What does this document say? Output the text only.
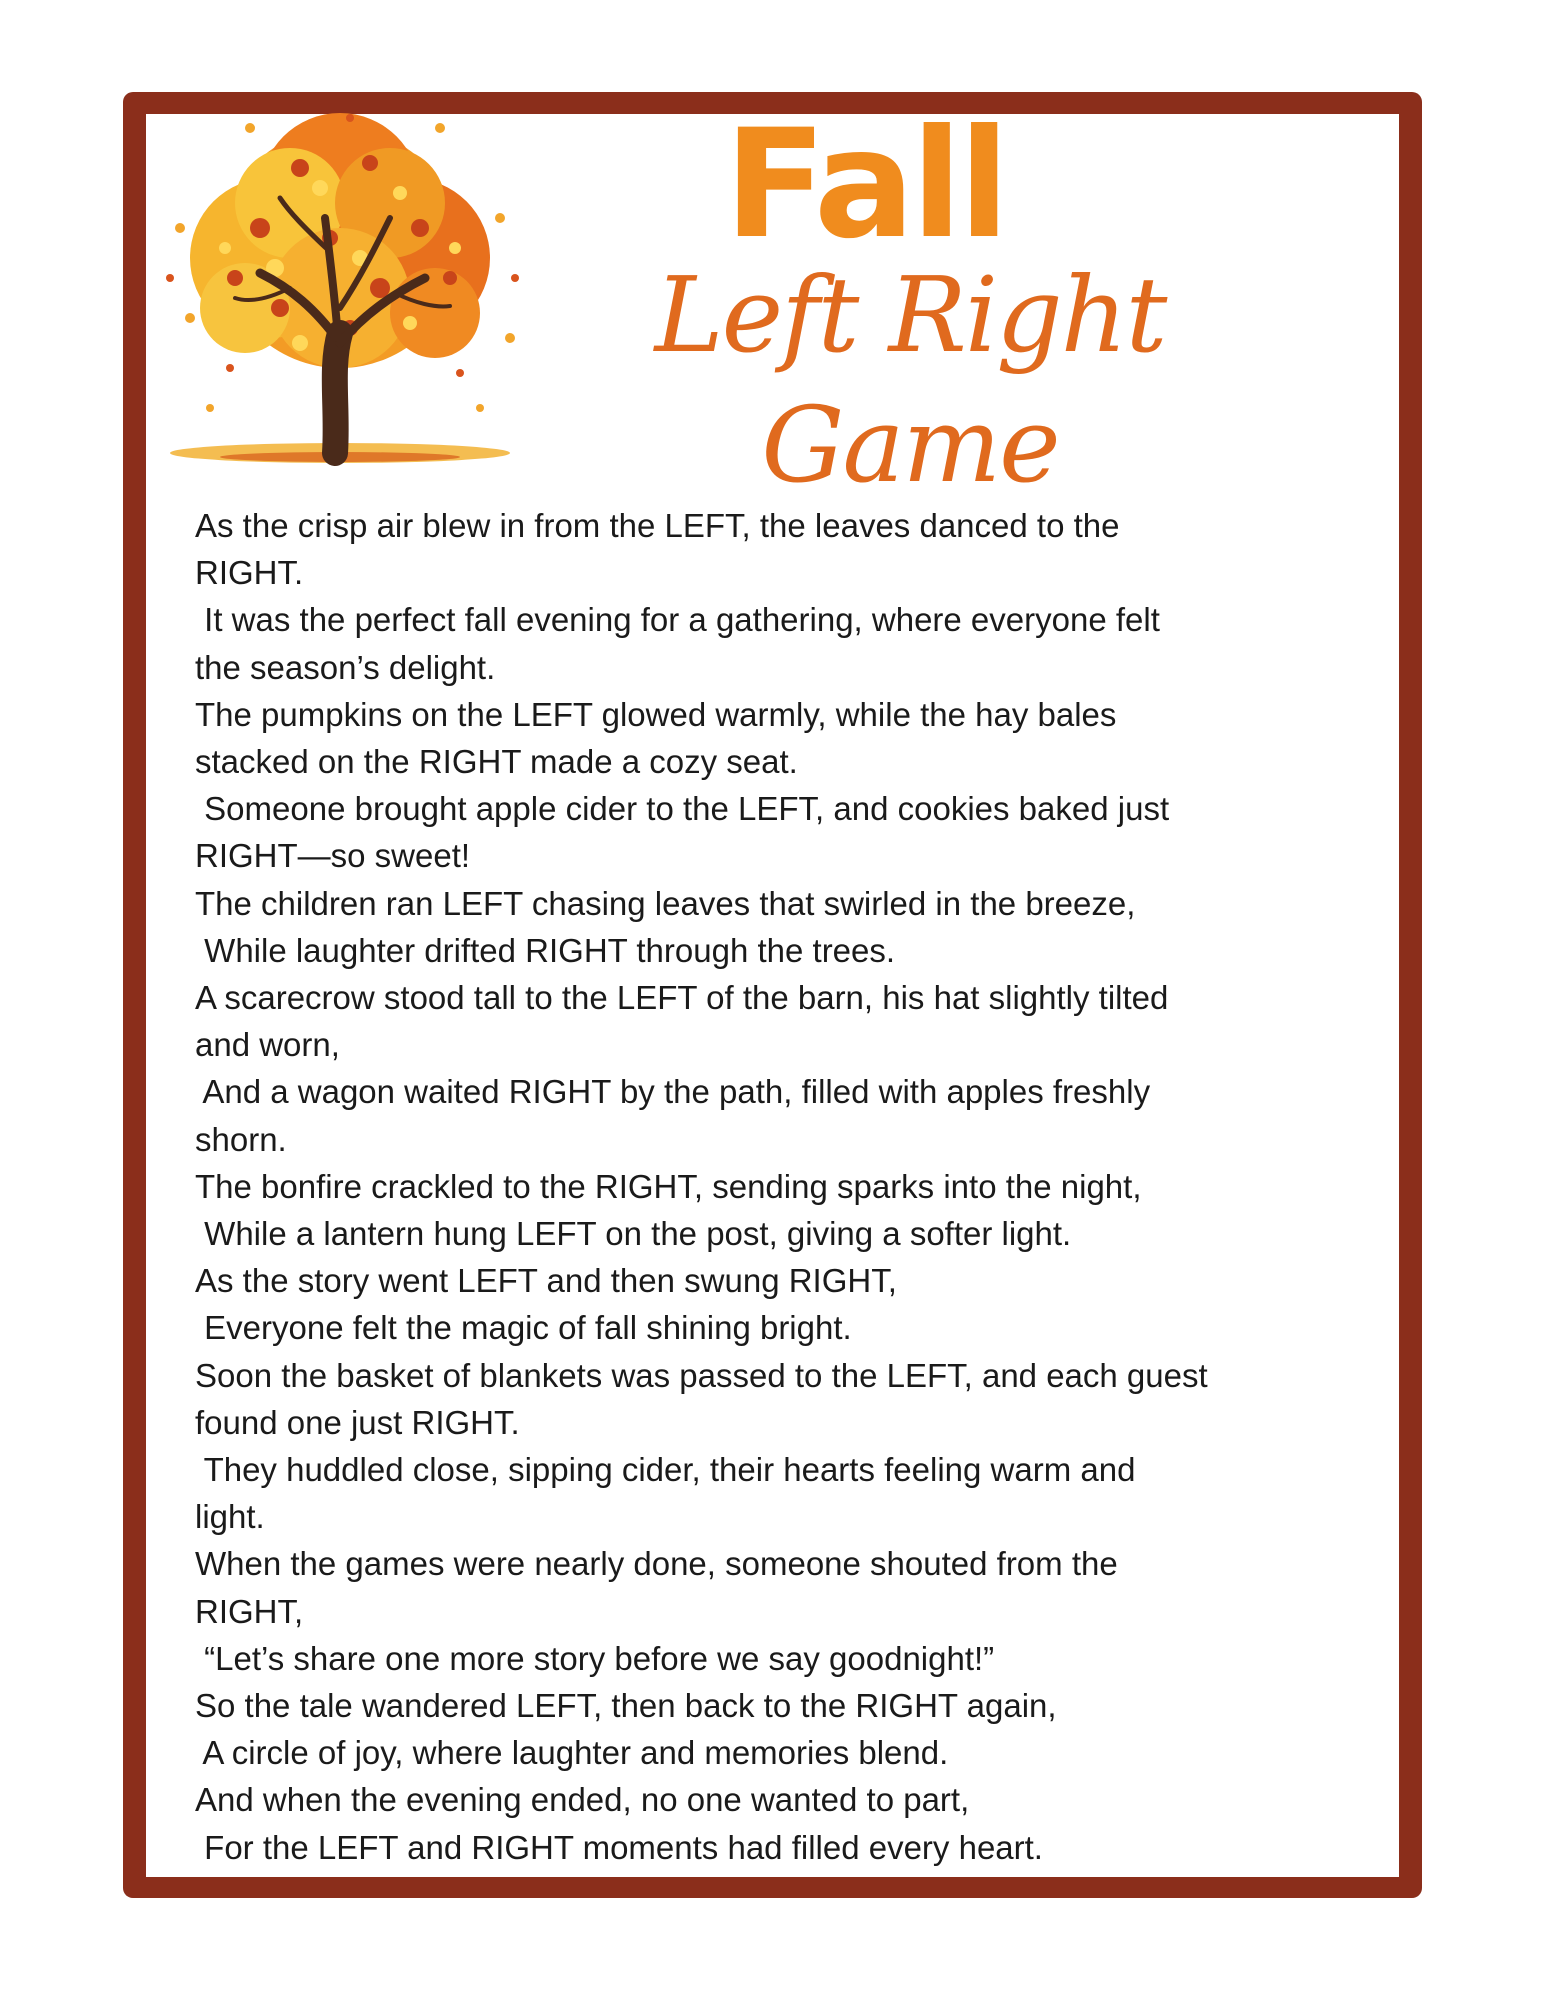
Fall
Left Right Game
As the crisp air blew in from the LEFT, the leaves danced to the
RIGHT.
It was the perfect fall evening for a gathering, where everyone felt
the season’s delight.
The pumpkins on the LEFT glowed warmly, while the hay bales
stacked on the RIGHT made a cozy seat.
Someone brought apple cider to the LEFT, and cookies baked just
RIGHT—so sweet!
The children ran LEFT chasing leaves that swirled in the breeze,
While laughter drifted RIGHT through the trees.
A scarecrow stood tall to the LEFT of the barn, his hat slightly tilted
and worn,
And a wagon waited RIGHT by the path, filled with apples freshly
shorn.
The bonfire crackled to the RIGHT, sending sparks into the night,
While a lantern hung LEFT on the post, giving a softer light.
As the story went LEFT and then swung RIGHT,
Everyone felt the magic of fall shining bright.
Soon the basket of blankets was passed to the LEFT, and each guest
found one just RIGHT.
They huddled close, sipping cider, their hearts feeling warm and
light.
When the games were nearly done, someone shouted from the
RIGHT,
“Let’s share one more story before we say goodnight!”
So the tale wandered LEFT, then back to the RIGHT again,
A circle of joy, where laughter and memories blend.
And when the evening ended, no one wanted to part,
For the LEFT and RIGHT moments had filled every heart.
